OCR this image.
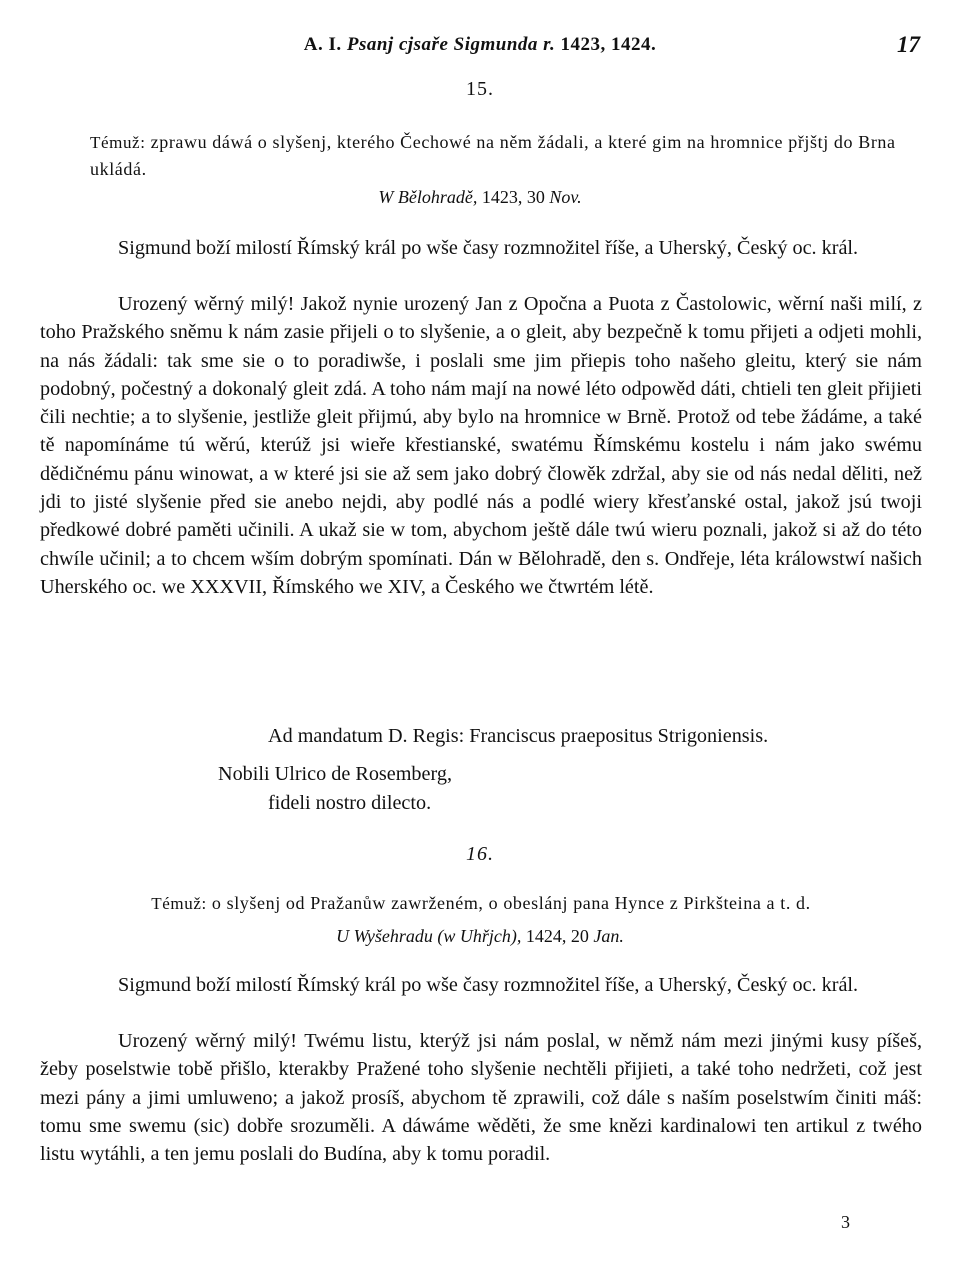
A. I. Psanj cjsaře Sigmunda r. 1423, 1424.	17
15.
Témuž: zprawu dáwá o slyšenj, kterého Čechowé na něm žádali, a které gim na hromnice přjštj do Brna ukládá.
W Bělohradě, 1423, 30 Nov.

Sigmund boží milostí Římský král po wše časy rozmnožitel říše, a Uherský, Český oc. král.

Urozený wěrný milý! Jakož nynie urozený Jan z Opočna a Puota z Častolowic, wěrní naši milí, z toho Pražského sněmu k nám zasie přijeli o to slyšenie, a o gleit, aby bezpečně k tomu přijeti a odjeti mohli, na nás žádali: tak sme sie o to poradiwše, i poslali sme jim přiepis toho našeho gleitu, který sie nám podobný, počestný a dokonalý gleit zdá. A toho nám mají na nowé léto odpowěd dáti, chtieli ten gleit přijieti čili nechtie; a to slyšenie, jestliže gleit přijmú, aby bylo na hromnice w Brně. Protož od tebe žádáme, a také tě napomínáme tú wěrú, kterúž jsi wieře křestianské, swatému Římskému kostelu i nám jako swému dědičnému pánu winowat, a w které jsi sie až sem jako dobrý člowěk zdržal, aby sie od nás nedal děliti, než jdi to jisté slyšenie před sie anebo nejdi, aby podlé nás a podlé wiery křesťanské ostal, jakož jsú twoji předkowé dobré paměti učinili. A ukaž sie w tom, abychom ještě dále twú wieru poznali, jakož si až do této chwíle učinil; a to chcem wším dobrým spomínati. Dán w Bělohradě, den s. Ondřeje, léta králowstwí našich Uherského oc. we XXXVII, Římského we XIV, a Českého we čtwrtém létě.

Ad mandatum D. Regis: Franciscus praepositus Strigoniensis.
Nobili Ulrico de Rosemberg,
fideli nostro dilecto.
16.
Témuž: o slyšenj od Pražanůw zawrženém, o obeslánj pana Hynce z Pirkšteina a t. d.
U Wyšehradu (w Uhřjch), 1424, 20 Jan.

Sigmund boží milostí Římský král po wše časy rozmnožitel říše, a Uherský, Český oc. král.

Urozený wěrný milý! Twému listu, kterýž jsi nám poslal, w němž nám mezi jinými kusy píšeš, žeby poselstwie tobě přišlo, kterakby Pražené toho slyšenie nechtěli přijieti, a také toho nedržeti, což jest mezi pány a jimi umluweno; a jakož prosíš, abychom tě zprawili, což dále s naším poselstwím činiti máš: tomu sme swemu (sic) dobře srozuměli. A dáwáme wěděti, že sme knězi kardinalowi ten artikul z twého listu wytáhli, a ten jemu poslali do Budína, aby k tomu poradil.

3
